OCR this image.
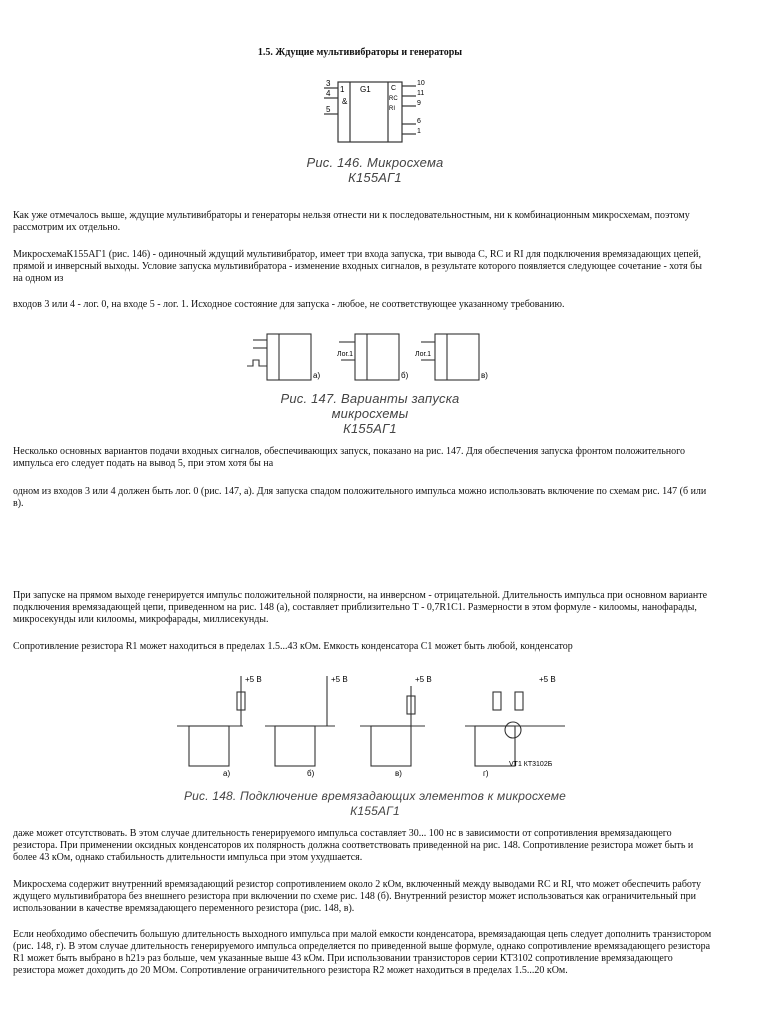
1.5. Ждущие мультивибраторы и генераторы
3
4
5
1
&
G1	C
RC
RI
10
11
9
6
1
Рис. 146. Микросхема
К155АГ1
Как уже отмечалось выше, ждущие мультивибраторы и генераторы нельзя отнести ни к последовательностным, ни к комбинационным микросхемам, поэтому рассмотрим их отдельно.
МикросхемаК155АГ1 (рис. 146) - одиночный ждущий мультивибратор, имеет три входа запуска, три вывода С, RC и RI для подключения времязадающих цепей, прямой и инверсный выходы. Условие запуска мультивибратора - изменение входных сигналов, в результате которого появляется следующее сочетание - хотя бы на одном из
входов 3 или 4 - лог. 0, на входе 5 - лог. 1. Исходное состояние для запуска - любое, не соответствующее указанному требованию.
Лог.1	Лог.1
а)	б)	в)
Рис. 147. Варианты запуска микросхемы
К155АГ1
Несколько основных вариантов подачи входных сигналов, обеспечивающих запуск, показано на рис. 147. Для обеспечения запуска фронтом положительного импульса его следует подать на вывод 5, при этом хотя бы на
одном из входов 3 или 4 должен быть лог. 0 (рис. 147, а). Для запуска спадом положительного импульса можно использовать включение по схемам рис. 147 (б или в).
При запуске на прямом выходе генерируется импульс положительной полярности, на инверсном - отрицательной. Длительность импульса при основном варианте подключения времязадающей цепи, приведенном на рис. 148 (а), составляет приблизительно Т - 0,7R1C1. Размерности в этом формуле - килоомы, нанофарады, микросекунды или килоомы, микрофарады, миллисекунды.
Сопротивление резистора R1 может находиться в пределах 1.5...43 кОм. Емкость конденсатора С1 может быть любой, конденсатор
+5 В	+5 В	+5 В	+5 В
а)	б)	в)	г)
VT1 КТ3102Б
Рис. 148. Подключение времязадающих элементов к микросхеме К155АГ1
даже может отсутствовать. В этом случае длительность генерируемого импульса составляет 30... 100 нс в зависимости от сопротивления времязадающего резистора. При применении оксидных конденсаторов их полярность должна соответствовать приведенной на рис. 148. Сопротивление резистора может быть и более 43 кОм, однако стабильность длительности импульса при этом ухудшается.
Микросхема содержит внутренний времязадающий резистор сопротивлением около 2 кОм, включенный между выводами RC и RI, что может обеспечить работу ждущего мультивибратора без внешнего резистора при включении по схеме рис. 148 (б). Внутренний резистор может использоваться как ограничительный при использовании в качестве времязадающего переменного резистора (рис. 148, в).
Если необходимо обеспечить большую длительность выходного импульса при малой емкости конденсатора, времязадающая цепь следует дополнить транзистором (рис. 148, г). В этом случае длительность генерируемого импульса определяется по приведенной выше формуле, однако сопротивление времязадающего резистора R1 может быть выбрано в h21э раз больше, чем указанные выше 43 кОм. При использовании транзисторов серии КТ3102 сопротивление времязадающего резистора может доходить до 20 МОм. Сопротивление ограничительного резистора R2 может находиться в пределах 1.5...20 кОм.
